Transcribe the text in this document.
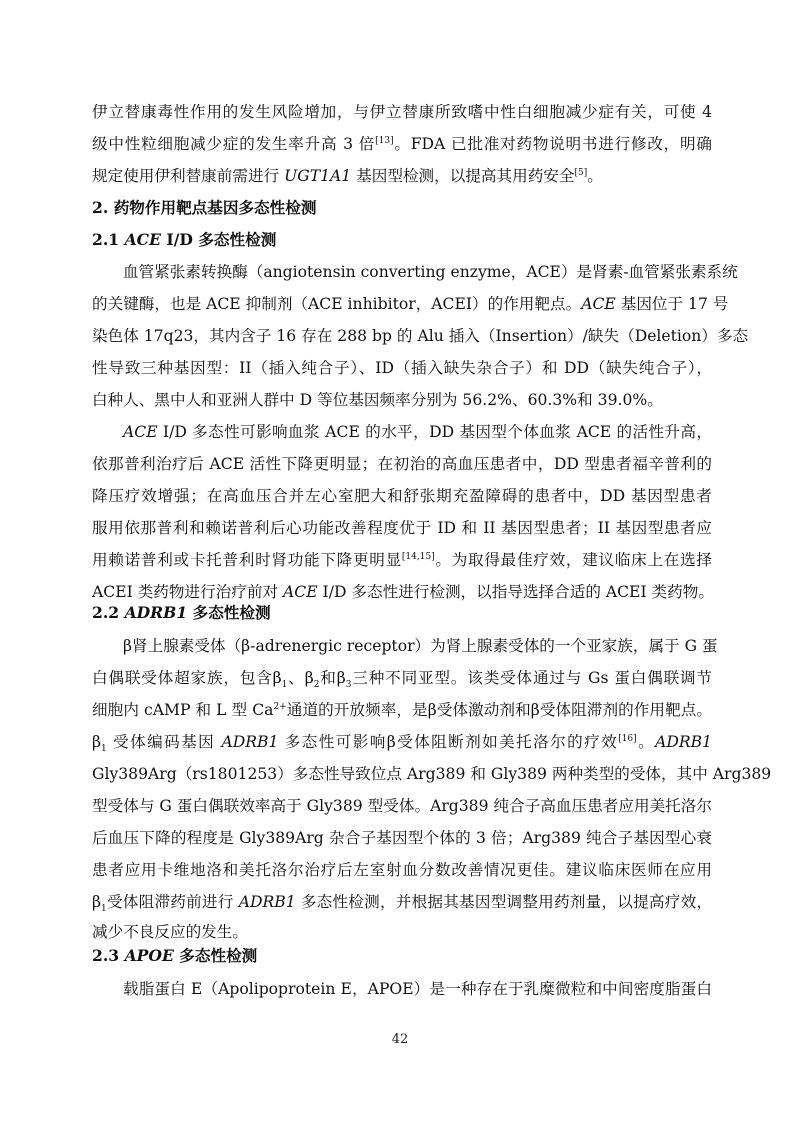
伊立替康毒性作用的发生风险增加，与伊立替康所致嗜中性白细胞减少症有关，可使 4
级中性粒细胞减少症的发生率升高 3 倍[13]。FDA 已批准对药物说明书进行修改，明确
规定使用伊利替康前需进行 UGT1A1 基因型检测，以提高其用药安全[5]。
2. 药物作用靶点基因多态性检测
2.1 ACE I/D 多态性检测
血管紧张素转换酶（angiotensin converting enzyme，ACE）是肾素-血管紧张素系统
的关键酶，也是 ACE 抑制剂（ACE inhibitor，ACEI）的作用靶点。ACE 基因位于 17 号
染色体 17q23，其内含子 16 存在 288 bp 的 Alu 插入（Insertion）/缺失（Deletion）多态
性导致三种基因型：II（插入纯合子）、ID（插入缺失杂合子）和 DD（缺失纯合子），
白种人、黑中人和亚洲人群中 D 等位基因频率分别为 56.2%、60.3%和 39.0%。
ACE I/D 多态性可影响血浆 ACE 的水平，DD 基因型个体血浆 ACE 的活性升高，
依那普利治疗后 ACE 活性下降更明显；在初治的高血压患者中，DD 型患者福辛普利的
降压疗效增强；在高血压合并左心室肥大和舒张期充盈障碍的患者中，DD 基因型患者
服用依那普利和赖诺普利后心功能改善程度优于 ID 和 II 基因型患者；II 基因型患者应
用赖诺普利或卡托普利时肾功能下降更明显[14,15]。为取得最佳疗效，建议临床上在选择
ACEI 类药物进行治疗前对 ACE I/D 多态性进行检测，以指导选择合适的 ACEI 类药物。
2.2 ADRB1 多态性检测
β肾上腺素受体（β-adrenergic receptor）为肾上腺素受体的一个亚家族，属于 G 蛋
白偶联受体超家族，包含$\beta_1$、$\beta_2$和$\beta_3$三种不同亚型。该类受体通过与 Gs 蛋白偶联调节
细胞内 cAMP 和 L 型 $Ca^{2+}$通道的开放频率，是β受体激动剂和β受体阻滞剂的作用靶点。
$\beta_1$ 受体编码基因 ADRB1 多态性可影响β受体阻断剂如美托洛尔的疗效[16]。ADRB1
Gly389Arg（rs1801253）多态性导致位点 Arg389 和 Gly389 两种类型的受体，其中 Arg389
型受体与 G 蛋白偶联效率高于 Gly389 型受体。Arg389 纯合子高血压患者应用美托洛尔
后血压下降的程度是 Gly389Arg 杂合子基因型个体的 3 倍；Arg389 纯合子基因型心衰
患者应用卡维地洛和美托洛尔治疗后左室射血分数改善情况更佳。建议临床医师在应用
$\beta_1$受体阻滞药前进行 ADRB1 多态性检测，并根据其基因型调整用药剂量，以提高疗效，
减少不良反应的发生。
2.3 APOE 多态性检测
载脂蛋白 E（Apolipoprotein E，APOE）是一种存在于乳糜微粒和中间密度脂蛋白
42
